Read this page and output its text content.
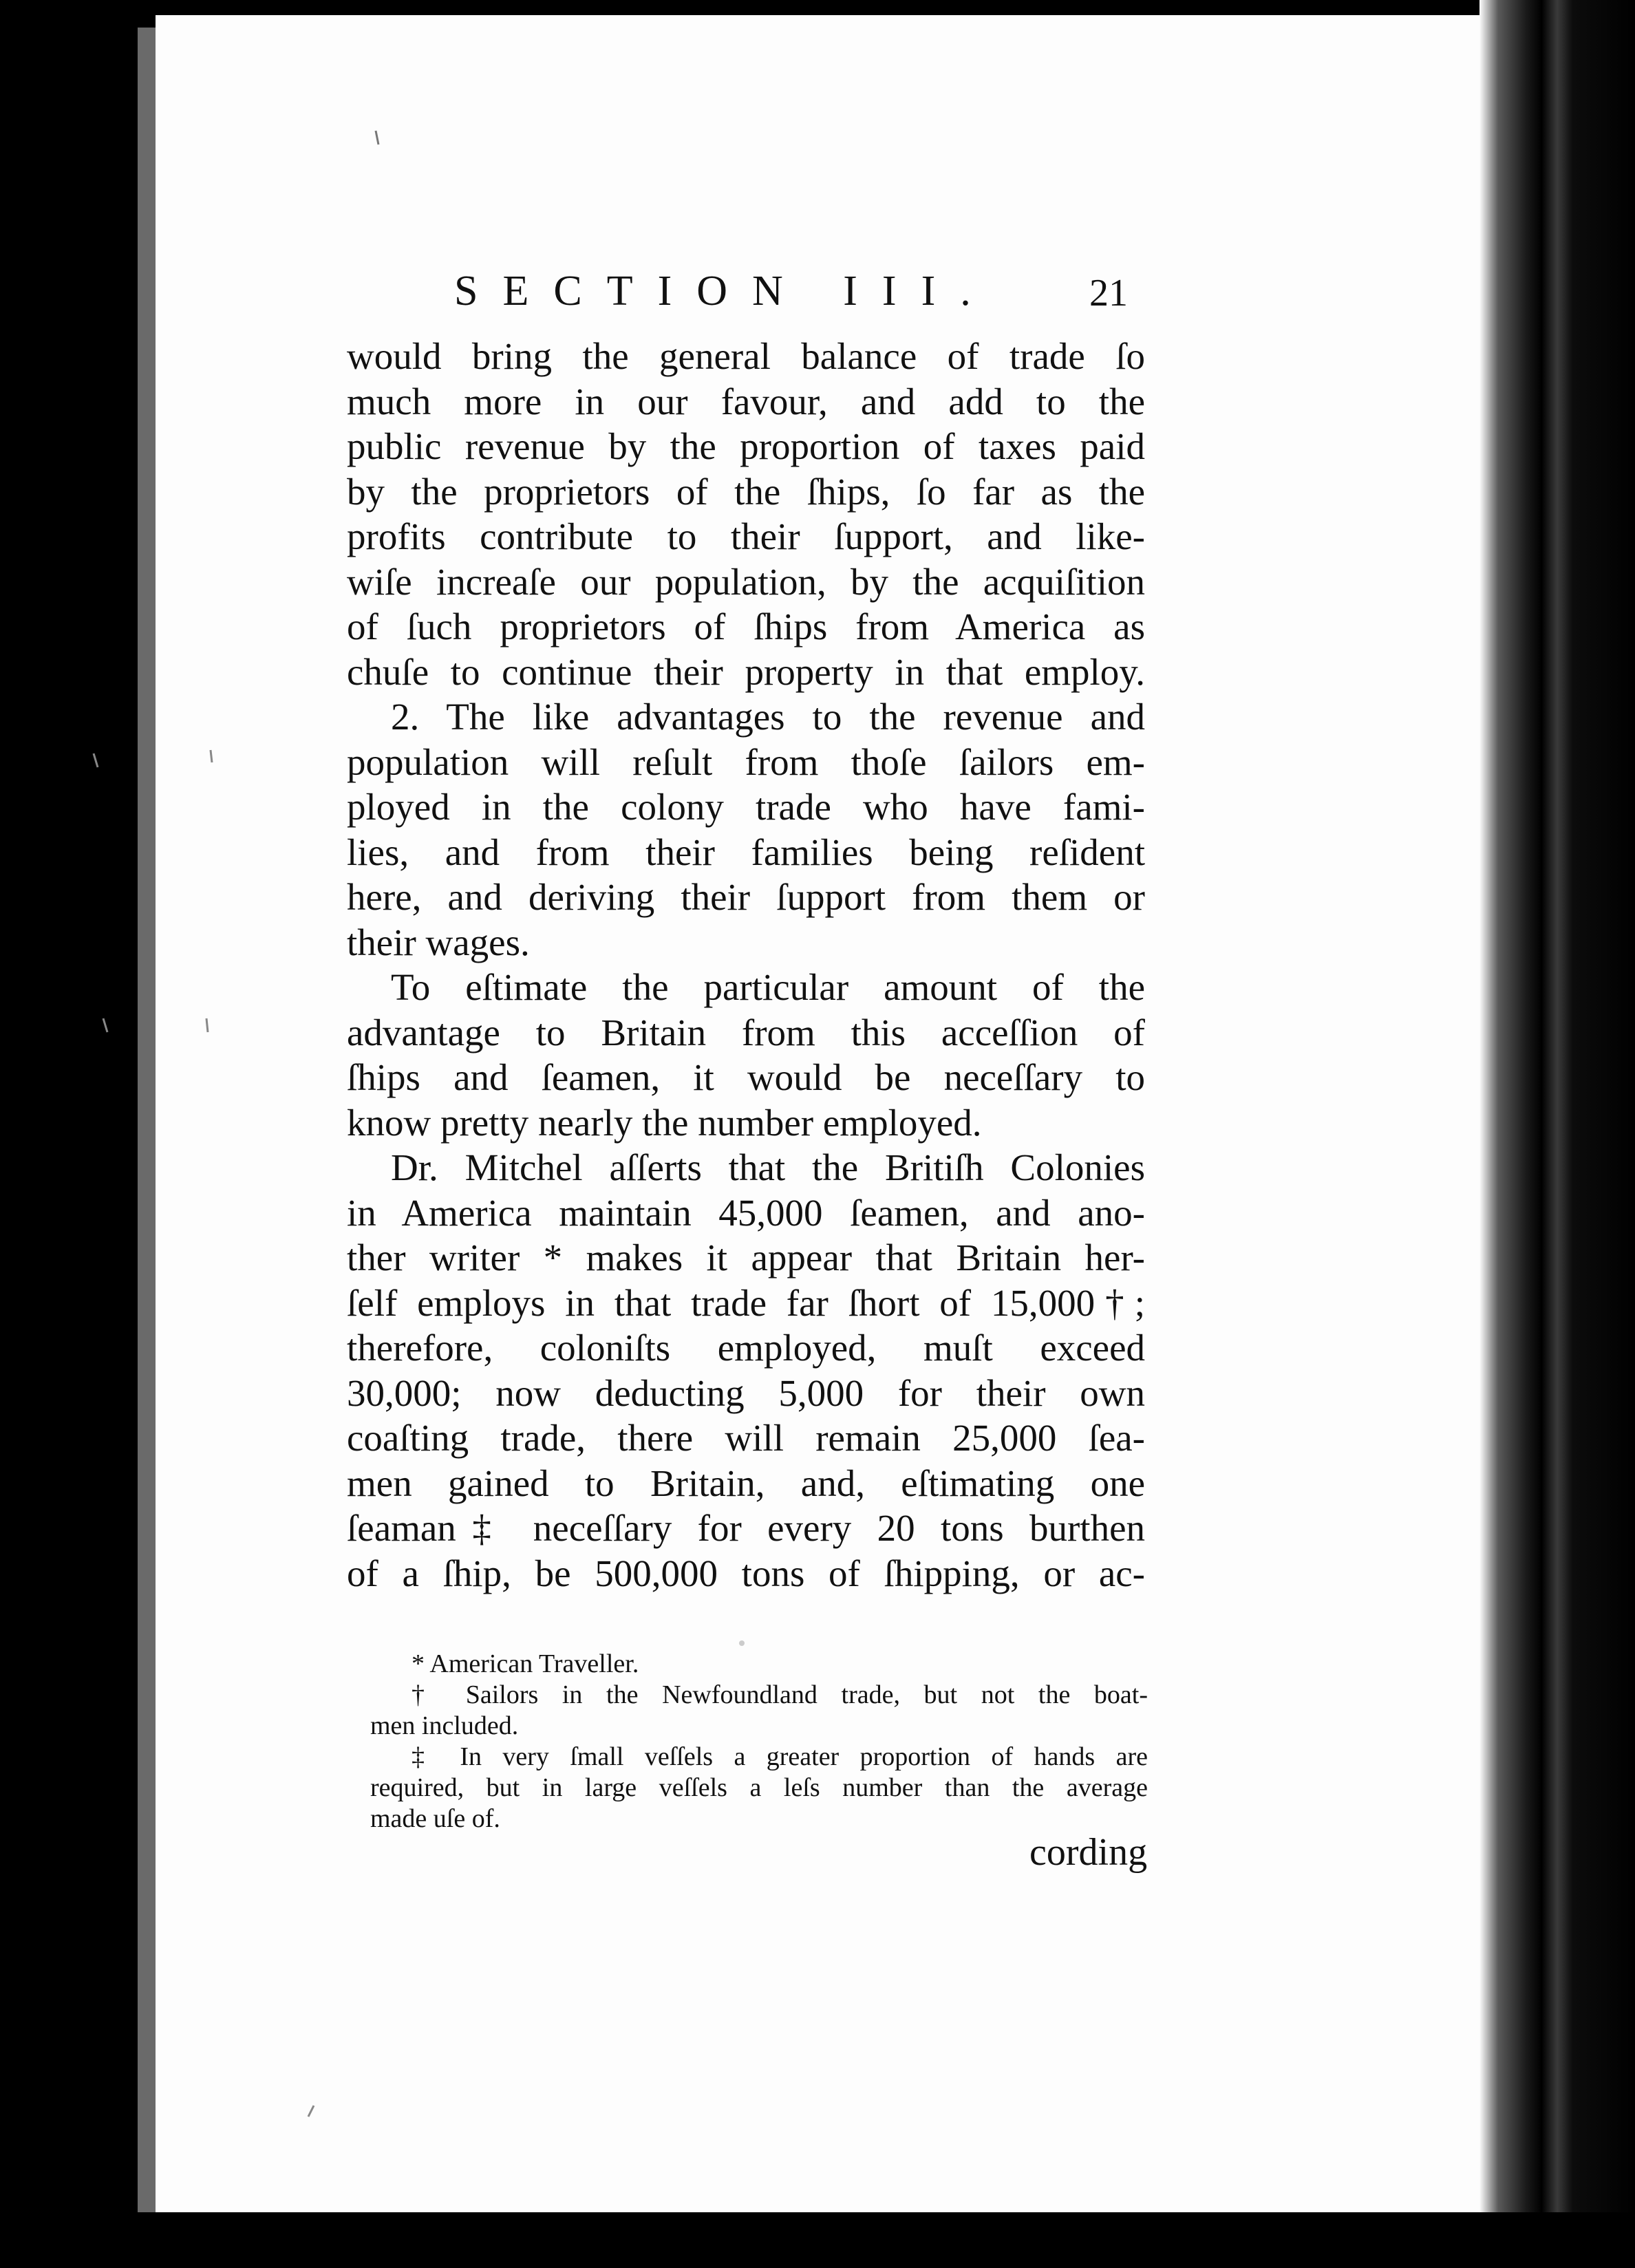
SECTION III. 21
would bring the general balance of trade ſo
much more in our favour, and add to the
public revenue by the proportion of taxes paid
by the proprietors of the ſhips, ſo far as the
profits contribute to their ſupport, and like-
wiſe increaſe our population, by the acquiſition
of ſuch proprietors of ſhips from America as
chuſe to continue their property in that employ.
2. The like advantages to the revenue and
population will reſult from thoſe ſailors em-
ployed in the colony trade who have fami-
lies, and from their families being reſident
here, and deriving their ſupport from them or
their wages.
To eſtimate the particular amount of the
advantage to Britain from this acceſſion of
ſhips and ſeamen, it would be neceſſary to
know pretty nearly the number employed.
Dr. Mitchel aſſerts that the Britiſh Colonies
in America maintain 45,000 ſeamen, and ano-
ther writer * makes it appear that Britain her-
ſelf employs in that trade far ſhort of 15,000†;
therefore, coloniſts employed, muſt exceed
30,000; now deducting 5,000 for their own
coaſting trade, there will remain 25,000 ſea-
men gained to Britain, and, eſtimating one
ſeaman‡ neceſſary for every 20 tons burthen
of a ſhip, be 500,000 tons of ſhipping, or ac-
* American Traveller.
† Sailors in the Newfoundland trade, but not the boat-
men included.
‡ In very ſmall veſſels a greater proportion of hands are
required, but in large veſſels a leſs number than the average
made uſe of.
cording
